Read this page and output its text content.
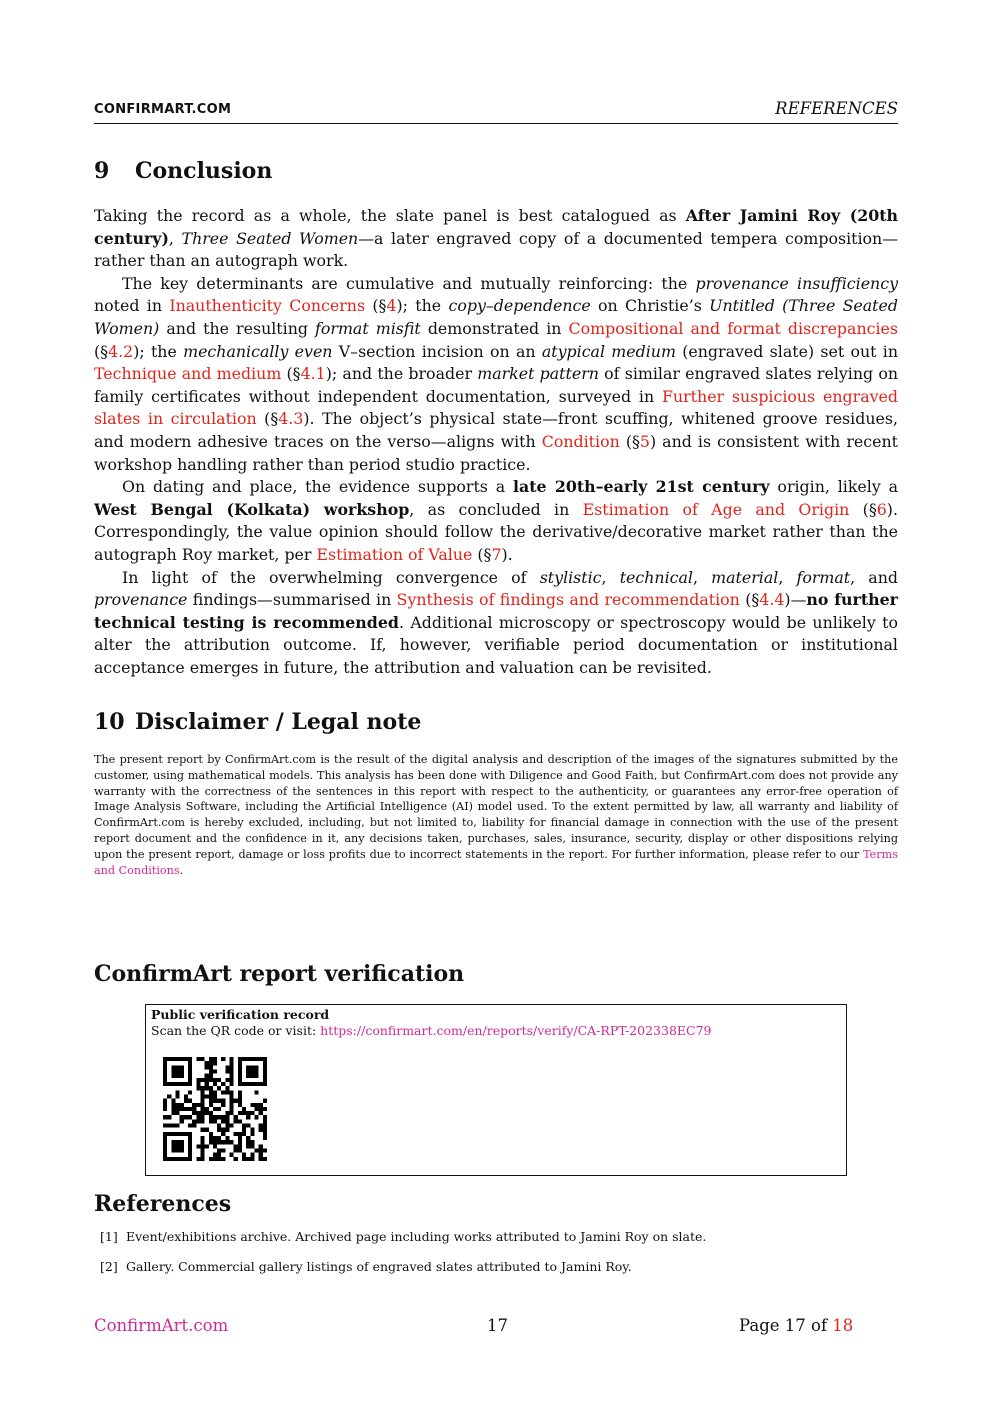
CONFIRMART.COM	REFERENCES
9 Conclusion

Taking the record as a whole, the slate panel is best catalogued as After Jamini Roy (20th century), Three Seated Women—a later engraved copy of a documented tempera composition—rather than an autograph work.

The key determinants are cumulative and mutually reinforcing: the provenance insufficiency noted in Inauthenticity Concerns (§4); the copy–dependence on Christie’s Untitled (Three Seated Women) and the resulting format misfit demonstrated in Compositional and format discrepancies (§4.2); the mechanically even V–section incision on an atypical medium (engraved slate) set out in Technique and medium (§4.1); and the broader market pattern of similar engraved slates relying on family certificates without independent documentation, surveyed in Further suspicious engraved slates in circulation (§4.3). The object’s physical state—front scuffing, whitened groove residues, and modern adhesive traces on the verso—aligns with Condition (§5) and is consistent with recent workshop handling rather than period studio practice.

On dating and place, the evidence supports a late 20th–early 21st century origin, likely a West Bengal (Kolkata) workshop, as concluded in Estimation of Age and Origin (§6). Correspondingly, the value opinion should follow the derivative/decorative market rather than the autograph Roy market, per Estimation of Value (§7).

In light of the overwhelming convergence of stylistic, technical, material, format, and provenance findings—summarised in Synthesis of findings and recommendation (§4.4)—no further technical testing is recommended. Additional microscopy or spectroscopy would be unlikely to alter the attribution outcome. If, however, verifiable period documentation or institutional acceptance emerges in future, the attribution and valuation can be revisited.

10 Disclaimer / Legal note

The present report by ConfirmArt.com is the result of the digital analysis and description of the images of the signatures submitted by the customer, using mathematical models. This analysis has been done with Diligence and Good Faith, but ConfirmArt.com does not provide any warranty with the correctness of the sentences in this report with respect to the authenticity, or guarantees any error-free operation of Image Analysis Software, including the Artificial Intelligence (AI) model used. To the extent permitted by law, all warranty and liability of ConfirmArt.com is hereby excluded, including, but not limited to, liability for financial damage in connection with the use of the present report document and the confidence in it, any decisions taken, purchases, sales, insurance, security, display or other dispositions relying upon the present report, damage or loss profits due to incorrect statements in the report. For further information, please refer to our Terms and Conditions.

ConfirmArt report verification
Public verification record
Scan the QR code or visit: https://confirmart.com/en/reports/verify/CA-RPT-202338EC79
References
[1] Event/exhibitions archive. Archived page including works attributed to Jamini Roy on slate.
[2] Gallery. Commercial gallery listings of engraved slates attributed to Jamini Roy.
ConfirmArt.com	17	Page 17 of 18
